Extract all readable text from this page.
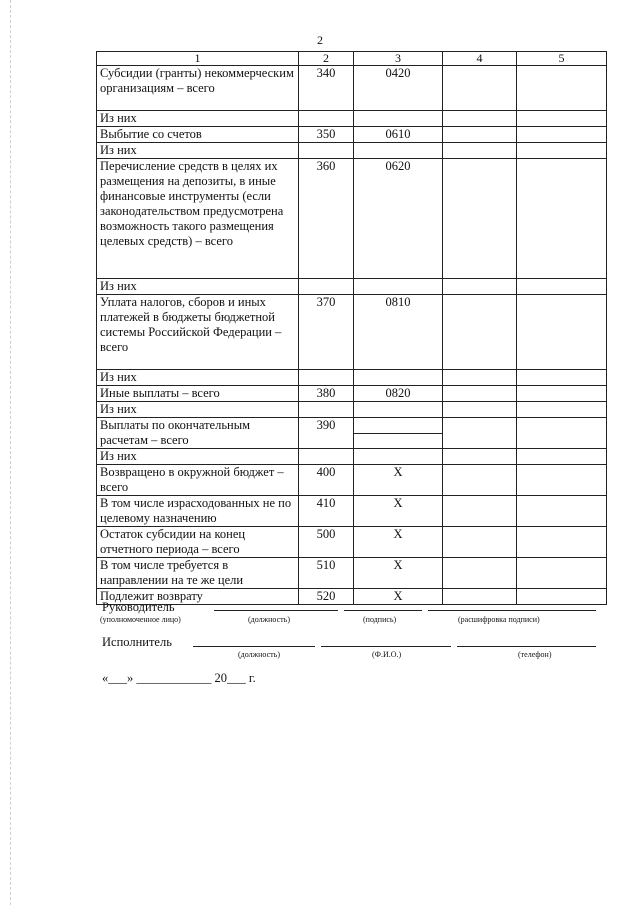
2
1	2	3	4	5
Субсидии (гранты) некоммерческим организациям – всего	340	0420		
Из них				
Выбытие со счетов	350	0610		
Из них				
Перечисление средств в целях их размещения на депозиты, в иные финансовые инструменты (если законодательством предусмотрена возможность такого размещения целевых средств) – всего	360	0620		
Из них				
Уплата налогов, сборов и иных платежей в бюджеты бюджетной системы Российской Федерации – всего	370	0810		
Из них				
Иные выплаты – всего	380	0820		
Из них				
Выплаты по окончательным расчетам – всего	390	

Из них				
Возвращено в окружной бюджет – всего	400	Х		
В том числе израсходованных не по целевому назначению	410	Х		
Остаток субсидии на конец отчетного периода – всего	500	Х		
В том числе требуется в направлении на те же цели	510	Х		
Подлежит возврату	520	Х		
Руководитель
(уполномоченное лицо)	(должность)	(подпись)	(расшифровка подписи)
Исполнитель
(должность)	(Ф.И.О.)	(телефон)
«___» ____________ 20___ г.
